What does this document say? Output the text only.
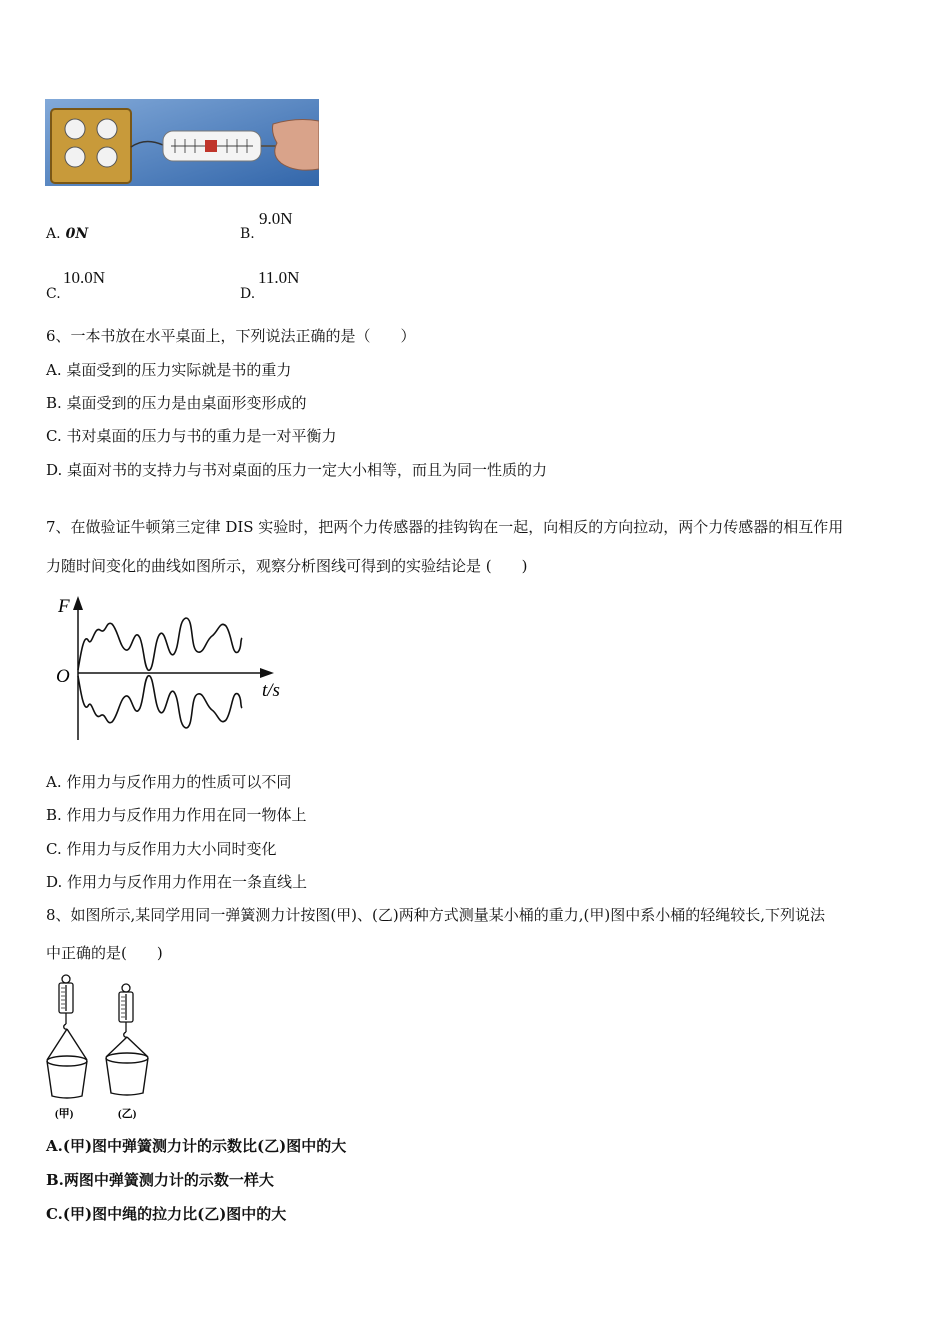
A. 0N	B.
9.0N
C.
10.0N
D.
11.0N
6、一本书放在水平桌面上，下列说法正确的是（　　）
A. 桌面受到的压力实际就是书的重力
B. 桌面受到的压力是由桌面形变形成的
C. 书对桌面的压力与书的重力是一对平衡力
D. 桌面对书的支持力与书对桌面的压力一定大小相等，而且为同一性质的力
7、在做验证牛顿第三定律 DIS 实验时，把两个力传感器的挂钩钩在一起，向相反的方向拉动，两个力传感器的相互作用
力随时间变化的曲线如图所示，观察分析图线可得到的实验结论是 (　　)
F
O
t/s
A. 作用力与反作用力的性质可以不同
B. 作用力与反作用力作用在同一物体上
C. 作用力与反作用力大小同时变化
D. 作用力与反作用力作用在一条直线上
8、如图所示,某同学用同一弹簧测力计按图(甲)、(乙)两种方式测量某小桶的重力,(甲)图中系小桶的轻绳较长,下列说法
中正确的是(　　)
(甲)	(乙)
A.(甲)图中弹簧测力计的示数比(乙)图中的大
B.两图中弹簧测力计的示数一样大
C.(甲)图中绳的拉力比(乙)图中的大
